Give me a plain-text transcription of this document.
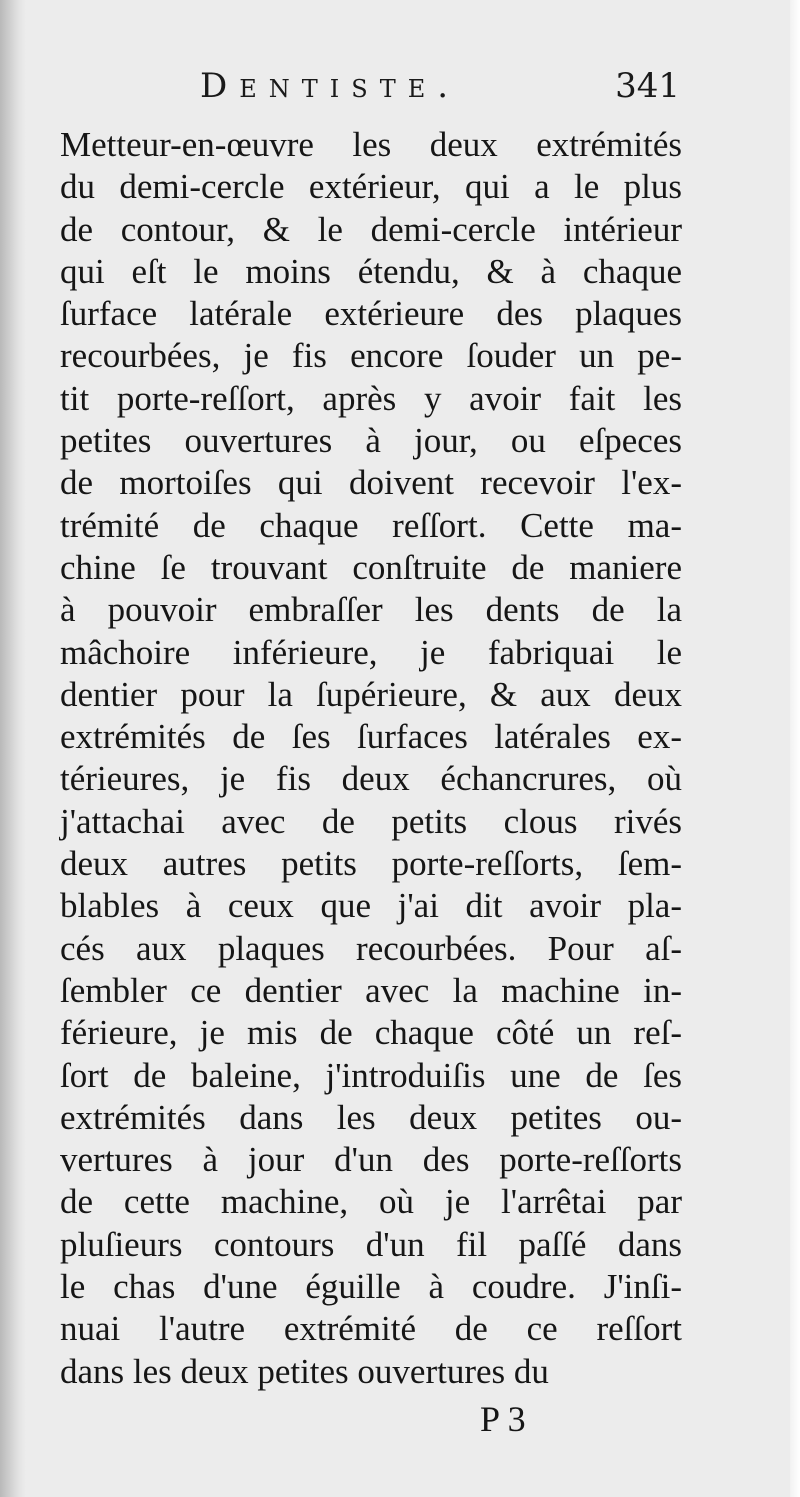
Dentiste.	341
Metteur-en-œuvre les deux extrémités
du demi-cercle extérieur, qui a le plus
de contour, & le demi-cercle intérieur
qui eſt le moins étendu, & à chaque
ſurface latérale extérieure des plaques
recourbées, je fis encore ſouder un pe-
tit porte-reſſort, après y avoir fait les
petites ouvertures à jour, ou eſpeces
de mortoiſes qui doivent recevoir l'ex-
trémité de chaque reſſort. Cette ma-
chine ſe trouvant conſtruite de maniere
à pouvoir embraſſer les dents de la
mâchoire inférieure, je fabriquai le
dentier pour la ſupérieure, & aux deux
extrémités de ſes ſurfaces latérales ex-
térieures, je fis deux échancrures, où
j'attachai avec de petits clous rivés
deux autres petits porte-reſſorts, ſem-
blables à ceux que j'ai dit avoir pla-
cés aux plaques recourbées. Pour aſ-
ſembler ce dentier avec la machine in-
férieure, je mis de chaque côté un reſ-
ſort de baleine, j'introduiſis une de ſes
extrémités dans les deux petites ou-
vertures à jour d'un des porte-reſſorts
de cette machine, où je l'arrêtai par
pluſieurs contours d'un fil paſſé dans
le chas d'une éguille à coudre. J'inſi-
nuai l'autre extrémité de ce reſſort
dans les deux petites ouvertures du
P 3
